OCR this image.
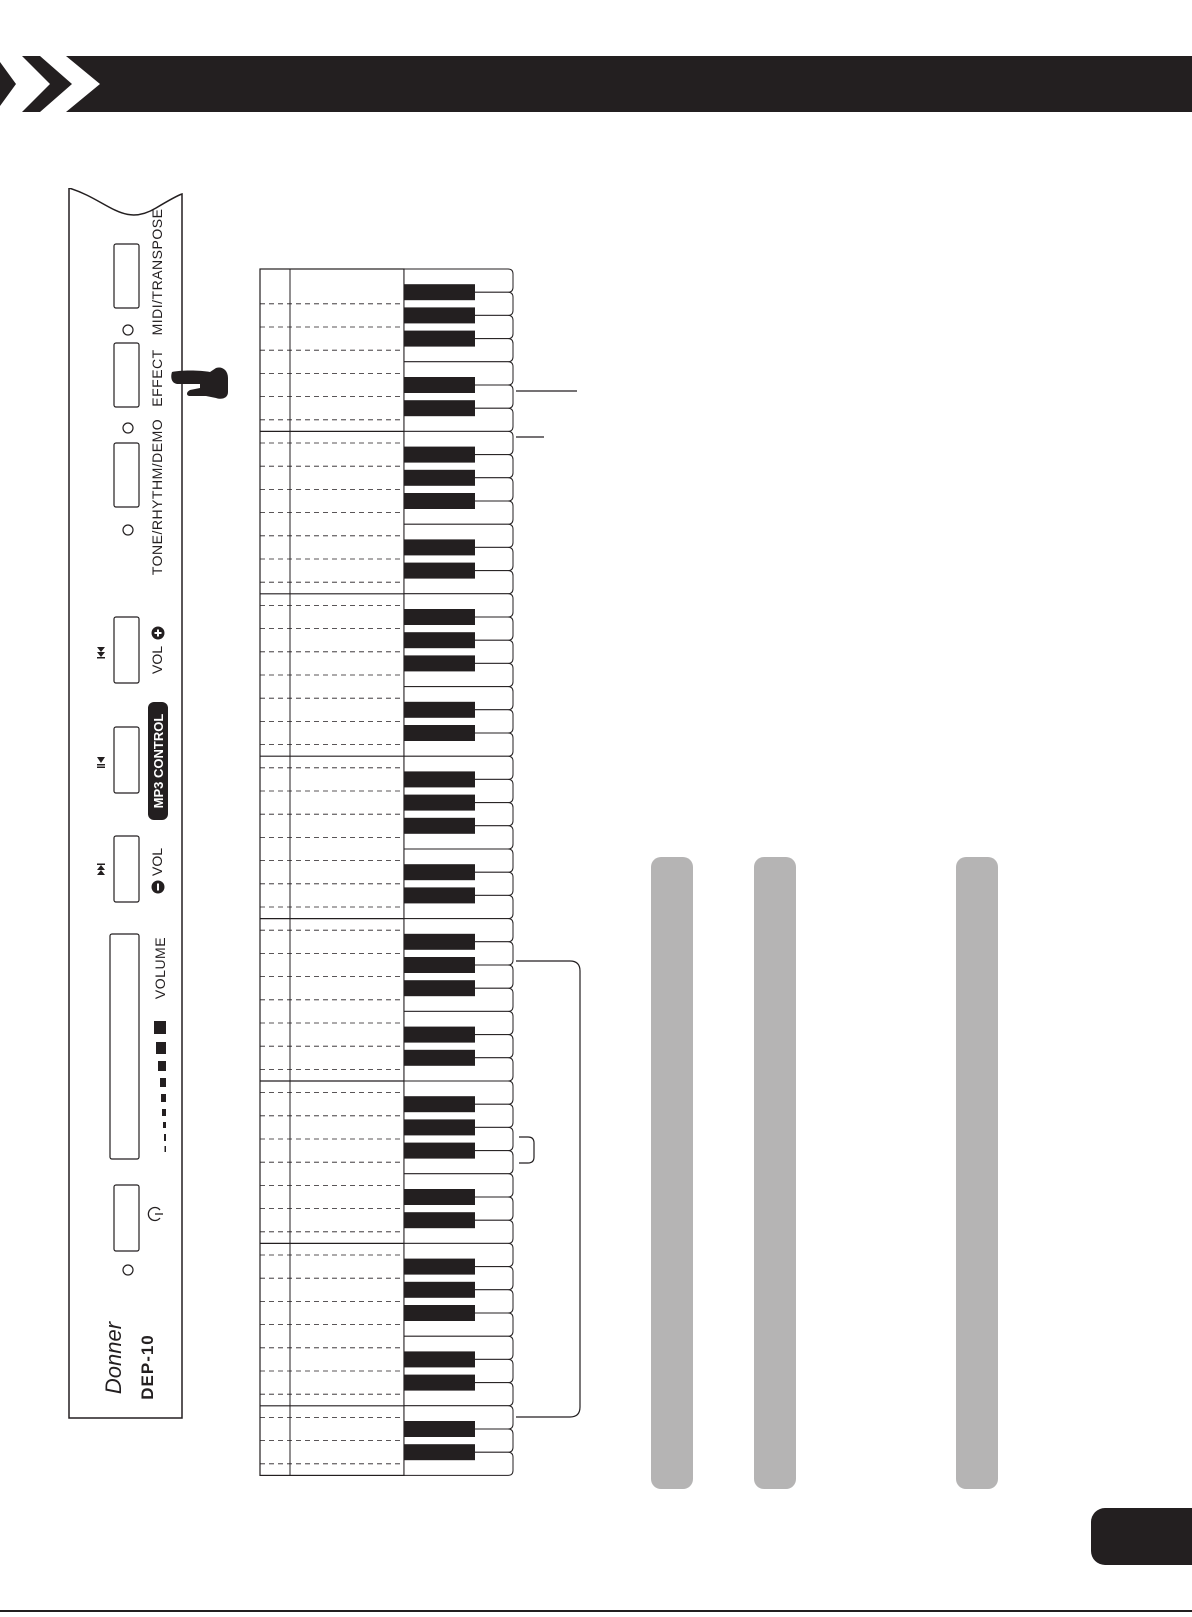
MIDI/TRANSPOSE
EFFECT
TONE/RHYTHM/DEMO
VOL
MP3 CONTROL
VOL
VOLUME
Donner DEP-10
